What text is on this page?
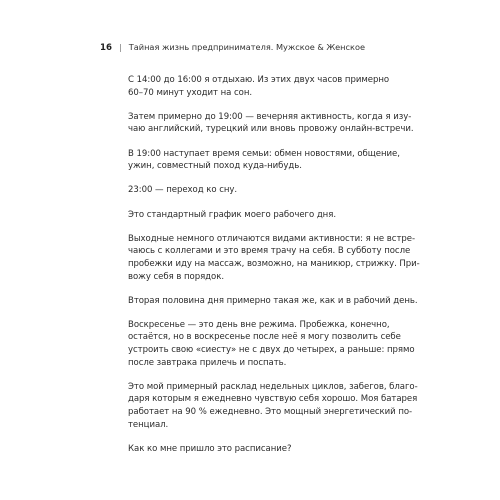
16 | Тайная жизнь предпринимателя. Мужское & Женское

С 14:00 до 16:00 я отдыхаю. Из этих двух часов примерно
60–70 минут уходит на сон.

Затем примерно до 19:00 — вечерняя активность, когда я изу-
чаю английский, турецкий или вновь провожу онлайн-встречи.

В 19:00 наступает время семьи: обмен новостями, общение,
ужин, совместный поход куда-нибудь.

23:00 — переход ко сну.

Это стандартный график моего рабочего дня.

Выходные немного отличаются видами активности: я не встре-
чаюсь с коллегами и это время трачу на себя. В субботу после
пробежки иду на массаж, возможно, на маникюр, стрижку. При-
вожу себя в порядок.

Вторая половина дня примерно такая же, как и в рабочий день.

Воскресенье — это день вне режима. Пробежка, конечно,
остаётся, но в воскресенье после неё я могу позволить себе
устроить свою «сиесту» не с двух до четырех, а раньше: прямо
после завтрака прилечь и поспать.

Это мой примерный расклад недельных циклов, забегов, благо-
даря которым я ежедневно чувствую себя хорошо. Моя батарея
работает на 90 % ежедневно. Это мощный энергетический по-
тенциал.

Как ко мне пришло это расписание?
